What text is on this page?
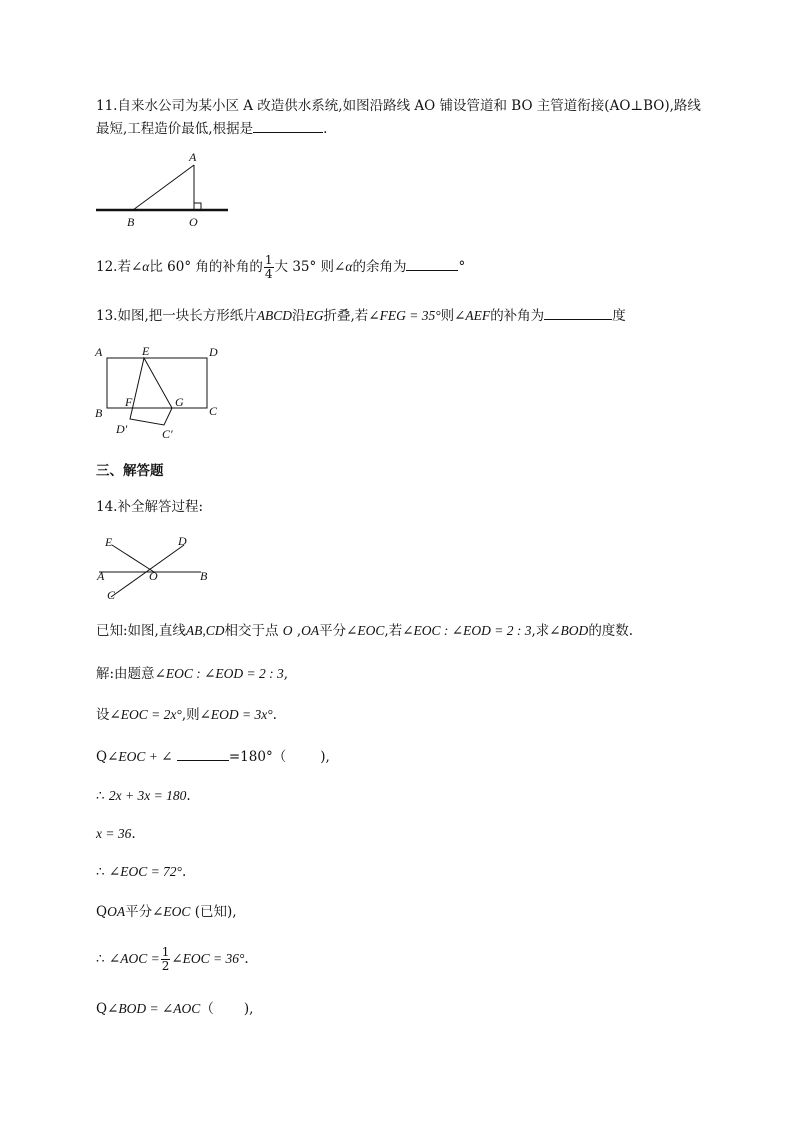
11.自来水公司为某小区 A 改造供水系统,如图沿路线 AO 铺设管道和 BO 主管道衔接(AO⊥BO),路线
最短,工程造价最低,根据是	.
A
B	O
12.若∠α比 60° 角的补角的 $\frac{1}{4}$ 大 35° 则∠α的余角为	°
13.如图,把一块长方形纸片ABCD沿EG折叠,若∠FEG = 35°则∠AEF的补角为	度
A	E	D
B
F	G
C
D′	C′
三、解答题
14.补全解答过程:
E	D
A	O	B
C
已知:如图,直线AB,CD相交于点 O ,OA平分∠EOC,若∠EOC : ∠EOD = 2 : 3,求∠BOD的度数.
解:由题意∠EOC : ∠EOD = 2 : 3,
设∠EOC = 2x°,则∠EOD = 3x°.
Q∠EOC + ∠	=180°（	),
∴ 2x + 3x = 180.
x = 36.
∴ ∠EOC = 72°.
QOA平分∠EOC (已知),
∴ ∠AOC = $\frac{1}{2}$ ∠EOC = 36°.
Q∠BOD = ∠AOC（ ),
